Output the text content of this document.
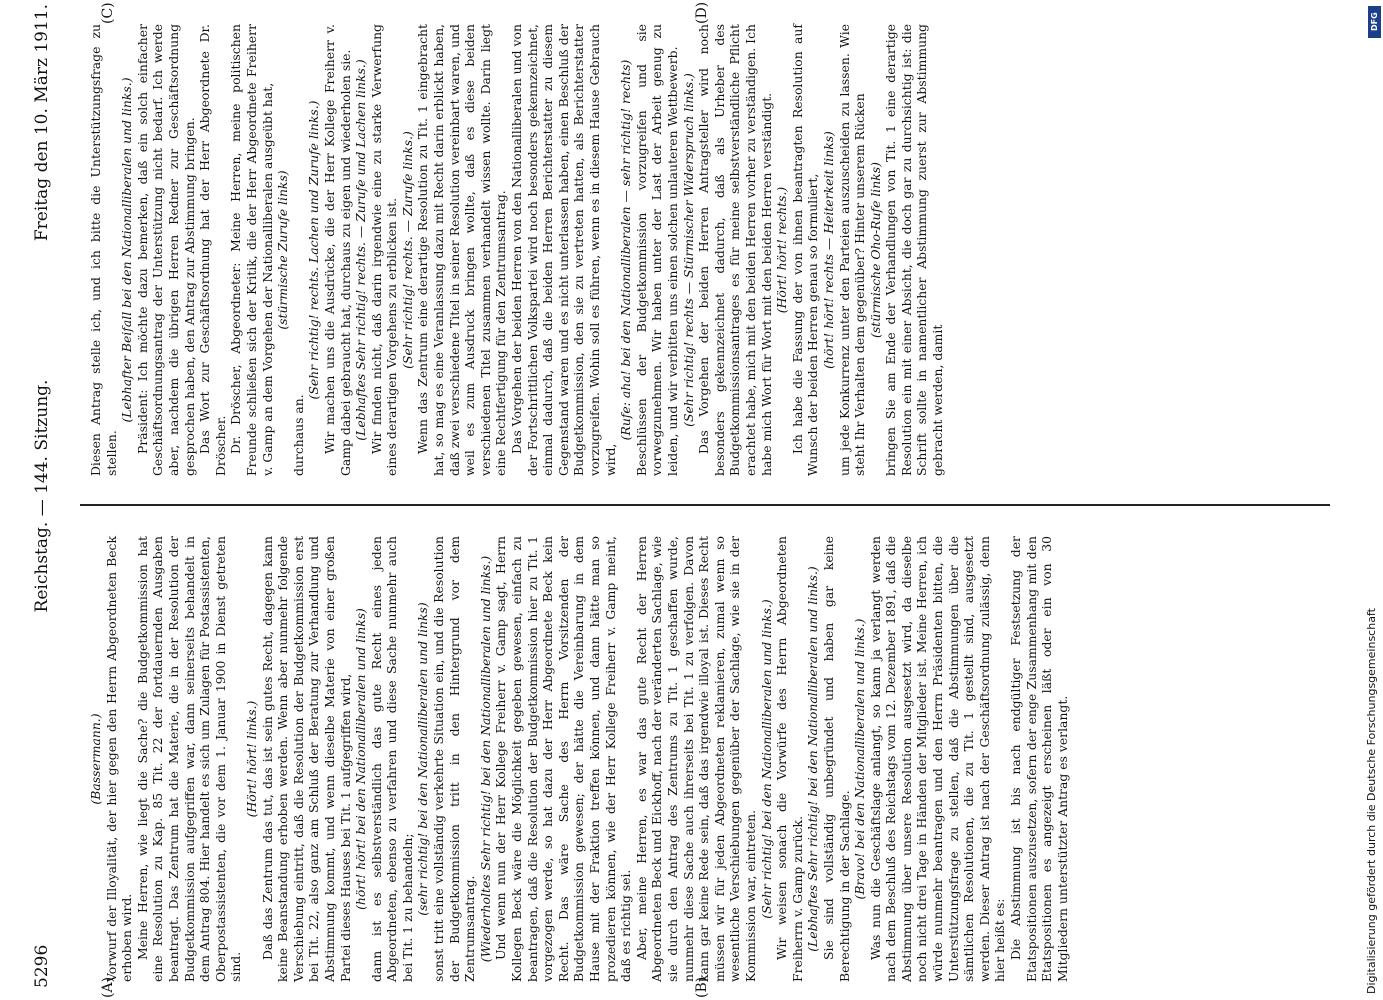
5296
Reichstag. — 144. Sitzung.
Freitag den 10. März 1911.
(A)	(B)
(C)	(D)

(Bassermann.) Vorwurf der Illoyalität, der hier gegen den Herrn Abgeordneten Beck erhoben wird. Meine Herren, wie liegt die Sache? die Budgetkommission hat eine Resolution zu Kap. 85 Tit. 22 der fortdauernden Ausgaben beantragt. Das Zentrum hat die Materie, die in der Resolution der Budgetkommission aufgegriffen war, dann seinerseits behandelt in dem Antrag 804. Hier handelt es sich um Zulagen für Postassistenten, Oberpostassistenten, die vor dem 1. Januar 1900 in Dienst getreten sind.

(Hört! hört! links.) Daß das Zentrum das tut, das ist sein gutes Recht, dagegen kann keine Beanstandung erhoben werden. Wenn aber nunmehr folgende Verschiebung eintritt, daß die Resolution der Budgetkommission erst bei Tit. 22, also ganz am Schluß der Beratung zur Verhandlung und Abstimmung kommt, und wenn dieselbe Materie von einer großen Partei dieses Hauses bei Tit. 1 aufgegriffen wird, (hört! hört! bei den Nationalliberalen und links) dann ist es selbstverständlich das gute Recht eines jeden Abgeordneten, ebenso zu verfahren und diese Sache nunmehr auch bei Tit. 1 zu behandeln; (sehr richtig! bei den Nationalliberalen und links) sonst tritt eine vollständig verkehrte Situation ein, und die Resolution der Budgetkommission tritt in den Hintergrund vor dem Zentrumsantrag. (Wiederholtes Sehr richtig! bei den Nationalliberalen und links.) Und wenn nun der Herr Kollege Freiherr v. Gamp sagt, Herrn Kollegen Beck wäre die Möglichkeit gegeben gewesen, einfach zu beantragen, daß die Resolution der Budgetkommission hier zu Tit. 1 vorgezogen werde, so hat dazu der Herr Abgeordnete Beck kein Recht. Das wäre Sache des Herrn Vorsitzenden der Budgetkommission gewesen; der hätte die Vereinbarung in dem Hause mit der Fraktion treffen können, und dann hätte man so prozedieren können, wie der Herr Kollege Freiherr v. Gamp meint, daß es richtig sei. Aber, meine Herren, es war das gute Recht der Herren Abgeordneten Beck und Eickhoff, nach der veränderten Sachlage, wie sie durch den Antrag des Zentrums zu Tit. 1 geschaffen wurde, nunmehr diese Sache auch ihrerseits bei Tit. 1 zu verfolgen. Davon kann gar keine Rede sein, daß das irgendwie illoyal ist. Dieses Recht müssen wir für jeden Abgeordneten reklamieren, zumal wenn so wesentliche Verschiebungen gegenüber der Sachlage, wie sie in der Kommission war, eintreten. (Sehr richtig! bei den Nationalliberalen und links.) Wir weisen sonach die Vorwürfe des Herrn Abgeordneten Freiherrn v. Gamp zurück. (Lebhaftes Sehr richtig! bei den Nationalliberalen und links.) Sie sind vollständig unbegründet und haben gar keine Berechtigung in der Sachlage. (Bravo! bei den Nationalliberalen und links.) Was nun die Geschäftslage anlangt, so kann ja verlangt werden nach dem Beschluß des Reichstags vom 12. Dezember 1891, daß die Abstimmung über unsere Resolution ausgesetzt wird, da dieselbe noch nicht drei Tage in Händen der Mitglieder ist. Meine Herren, ich würde nunmehr beantragen und den Herrn Präsidenten bitten, die Unterstützungsfrage zu stellen, daß die Abstimmungen über die sämtlichen Resolutionen, die zu Tit. 1 gestellt sind, ausgesetzt werden. Dieser Antrag ist nach der Geschäftsordnung zulässig, denn hier heißt es: Die Abstimmung ist bis nach endgültiger Festsetzung der Etatspositionen auszusetzen, sofern der enge Zusammenhang mit den Etatspositionen es angezeigt erscheinen läßt oder ein von 30 Mitgliedern unterstützter Antrag es verlangt.

Diesen Antrag stelle ich, und ich bitte die Unterstützungsfrage zu stellen.

(Lebhafter Beifall bei den Nationalliberalen und links.) Präsident: Ich möchte dazu bemerken, daß ein solch einfacher Geschäftsordnungsantrag der Unterstützung nicht bedarf. Ich werde aber, nachdem die übrigen Herren Redner zur Geschäftsordnung gesprochen haben, den Antrag zur Abstimmung bringen. Das Wort zur Geschäftsordnung hat der Herr Abgeordnete Dr. Dröscher. Dr. Dröscher, Abgeordneter: Meine Herren, meine politischen Freunde schließen sich der Kritik, die der Herr Abgeordnete Freiherr v. Gamp an dem Vorgehen der Nationalliberalen ausgeübt hat, (stürmische Zurufe links)

durchaus an.

(Sehr richtig! rechts. Lachen und Zurufe links.) Wir machen uns die Ausdrücke, die der Herr Kollege Freiherr v. Gamp dabei gebraucht hat, durchaus zu eigen und wiederholen sie. (Lebhaftes Sehr richtig! rechts. — Zurufe und Lachen links.) Wir finden nicht, daß darin irgendwie eine zu starke Verwerfung eines derartigen Vorgehens zu erblicken ist. (Sehr richtig! rechts. — Zurufe links.) Wenn das Zentrum eine derartige Resolution zu Tit. 1 eingebracht hat, so mag es eine Veranlassung dazu mit Recht darin erblickt haben, daß zwei verschiedene Titel in seiner Resolution vereinbart waren, und weil es zum Ausdruck bringen wollte, daß es diese beiden verschiedenen Titel zusammen verhandelt wissen wollte. Darin liegt eine Rechtfertigung für den Zentrumsantrag. Das Vorgehen der beiden Herren von den Nationalliberalen und von der Fortschrittlichen Volkspartei wird noch besonders gekennzeichnet, einmal dadurch, daß die beiden Herren Berichterstatter zu diesem Gegenstand waren und es nicht unterlassen haben, einen Beschluß der Budgetkommission, den sie zu vertreten hatten, als Berichterstatter vorzugreifen. Wohin soll es führen, wenn es in diesem Hause Gebrauch wird,

(Rufe: aha! bei den Nationalliberalen — sehr richtig! rechts) Beschlüssen der Budgetkommission vorzugreifen und sie vorwegzunehmen. Wir haben unter der Last der Arbeit genug zu leiden, und wir verbitten uns einen solchen unlauteren Wettbewerb. (Sehr richtig! rechts — Stürmischer Widerspruch links.) Das Vorgehen der beiden Herren Antragsteller wird noch besonders gekennzeichnet dadurch, daß als Urheber des Budgetkommissionsantrages es für meine selbstverständliche Pflicht erachtet habe, mich mit den beiden Herren vorher zu verständigen. Ich habe mich Wort für Wort mit den beiden Herren verständigt. (Hört! hört! rechts.) Ich habe die Fassung der von ihnen beantragten Resolution auf Wunsch der beiden Herren genau so formuliert, (hört! hört! rechts — Heiterkeit links) um jede Konkurrenz unter den Parteien auszuscheiden zu lassen. Wie steht Ihr Verhalten dem gegenüber? Hinter unserem Rücken (stürmische Oho-Rufe links) bringen Sie am Ende der Verhandlungen von Tit. 1 eine derartige Resolution ein mit einer Absicht, die doch gar zu durchsichtig ist: die Schrift sollte in namentlicher Abstimmung zuerst zur Abstimmung gebracht werden, damit

Digitalisierung gefördert durch die Deutsche Forschungsgemeinschaft
DFG
